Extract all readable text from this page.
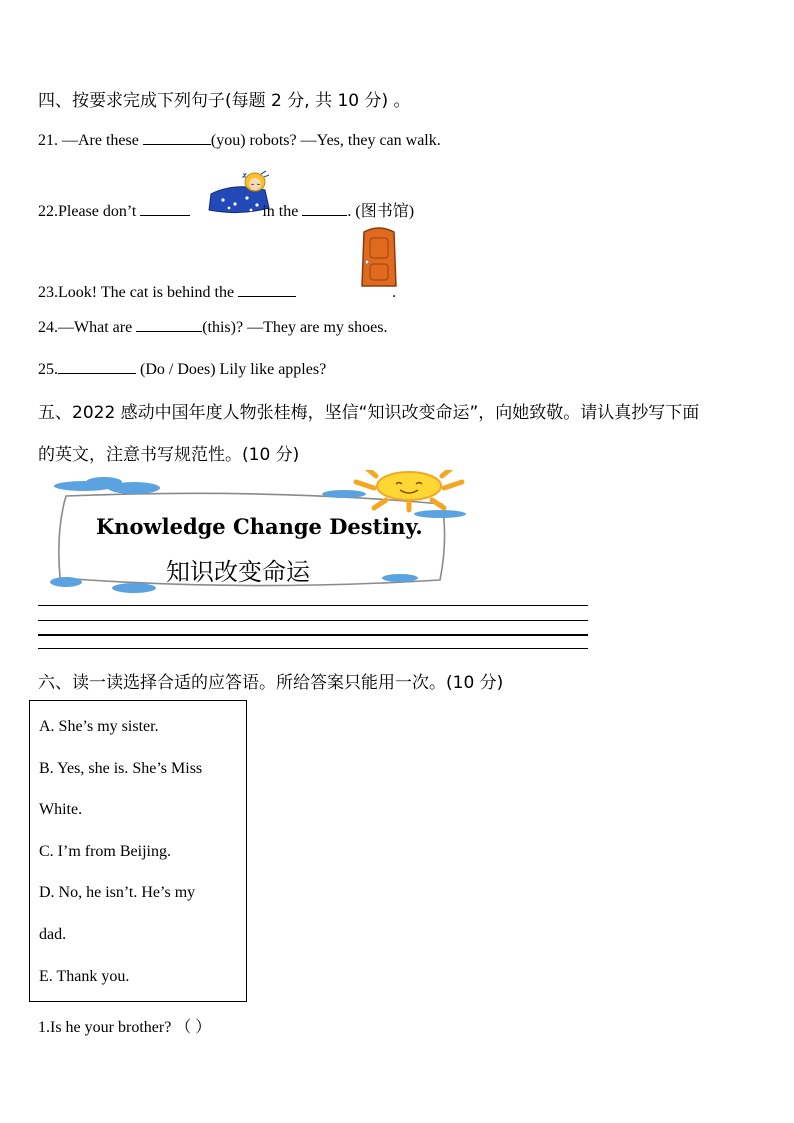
四、按要求完成下列句子(每题 2 分, 共 10 分) 。
21. —Are these	(you) robots? —Yes, they can walk.
22.Please don’t	in the	. (图书馆)
23.Look! The cat is behind the	.
24.—What are	(this)? —They are my shoes.
25.	(Do / Does) Lily like apples?
五、2022 感动中国年度人物张桂梅，坚信“知识改变命运”，向她致敬。请认真抄写下面
的英文，注意书写规范性。(10 分)
Knowledge Change Destiny.
知识改变命运
六、读一读选择合适的应答语。所给答案只能用一次。(10 分)
A. She’s my sister.
B. Yes, she is. She’s Miss
White.
C. I’m from Beijing.
D. No, he isn’t. He’s my
dad.
E. Thank you.
1.Is he your brother? （ ）
